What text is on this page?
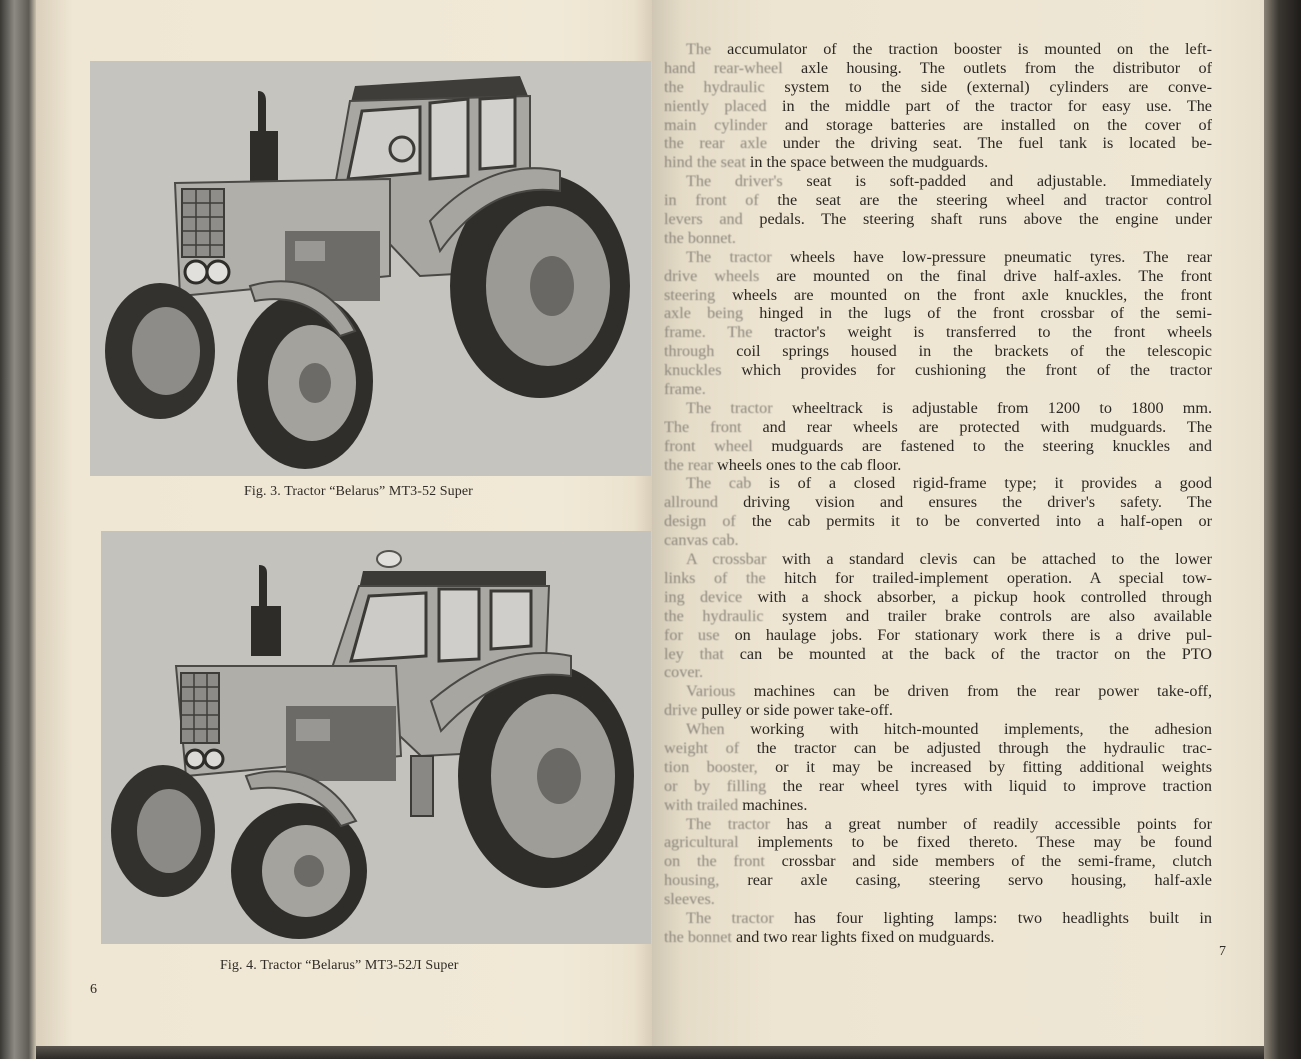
Fig. 3. Tractor “Belarus” MT3-52 Super
Fig. 4. Tractor “Belarus” MT3-52Л Super
6
The accumulator of the traction booster is mounted on the left-
hand rear-wheel axle housing. The outlets from the distributor of
the hydraulic system to the side (external) cylinders are conve-
niently placed in the middle part of the tractor for easy use. The
main cylinder and storage batteries are installed on the cover of
the rear axle under the driving seat. The fuel tank is located be-
hind the seat in the space between the mudguards.
The driver's seat is soft-padded and adjustable. Immediately
in front of the seat are the steering wheel and tractor control
levers and pedals. The steering shaft runs above the engine under
the bonnet.
The tractor wheels have low-pressure pneumatic tyres. The rear
drive wheels are mounted on the final drive half-axles. The front
steering wheels are mounted on the front axle knuckles, the front
axle being hinged in the lugs of the front crossbar of the semi-
frame. The tractor's weight is transferred to the front wheels
through coil springs housed in the brackets of the telescopic
knuckles which provides for cushioning the front of the tractor
frame.
The tractor wheeltrack is adjustable from 1200 to 1800 mm.
The front and rear wheels are protected with mudguards. The
front wheel mudguards are fastened to the steering knuckles and
the rear wheels ones to the cab floor.
The cab is of a closed rigid-frame type; it provides a good
allround driving vision and ensures the driver's safety. The
design of the cab permits it to be converted into a half-open or
canvas cab.
A crossbar with a standard clevis can be attached to the lower
links of the hitch for trailed-implement operation. A special tow-
ing device with a shock absorber, a pickup hook controlled through
the hydraulic system and trailer brake controls are also available
for use on haulage jobs. For stationary work there is a drive pul-
ley that can be mounted at the back of the tractor on the PTO
cover.
Various machines can be driven from the rear power take-off,
drive pulley or side power take-off.
When working with hitch-mounted implements, the adhesion
weight of the tractor can be adjusted through the hydraulic trac-
tion booster, or it may be increased by fitting additional weights
or by filling the rear wheel tyres with liquid to improve traction
with trailed machines.
The tractor has a great number of readily accessible points for
agricultural implements to be fixed thereto. These may be found
on the front crossbar and side members of the semi-frame, clutch
housing, rear axle casing, steering servo housing, half-axle
sleeves.
The tractor has four lighting lamps: two headlights built in
the bonnet and two rear lights fixed on mudguards.
7
